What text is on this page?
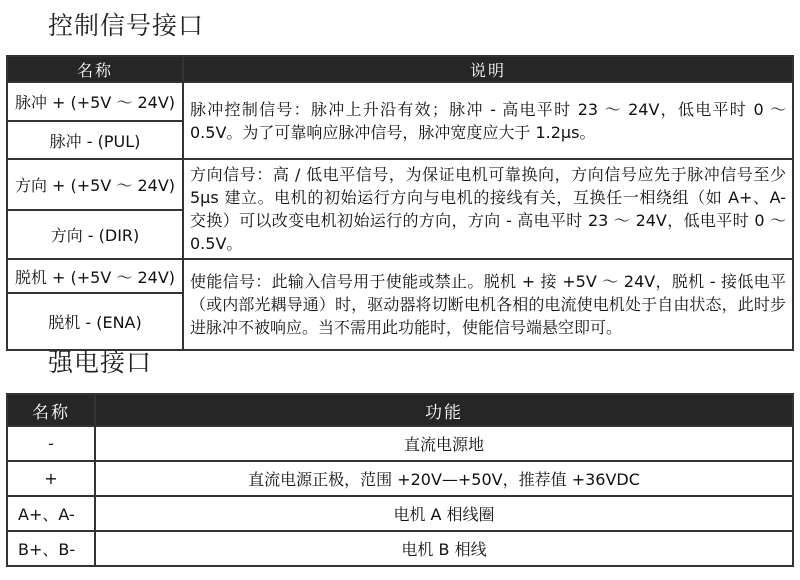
控制信号接口
名称	说明
脉冲 + (+5V ～ 24V)	脉冲控制信号：脉冲上升沿有效；脉冲 - 高电平时 23 ～ 24V，低电平时 0 ～ 0.5V。为了可靠响应脉冲信号，脉冲宽度应大于 1.2μs。
脉冲 - (PUL)	
方向 + (+5V ～ 24V)	方向信号：高 / 低电平信号，为保证电机可靠换向，方向信号应先于脉冲信号至少 5μs 建立。电机的初始运行方向与电机的接线有关，互换任一相绕组（如 A+、A- 交换）可以改变电机初始运行的方向，方向 - 高电平时 23 ～ 24V，低电平时 0 ～ 0.5V。
方向 - (DIR)	
脱机 + (+5V ～ 24V)	使能信号：此输入信号用于使能或禁止。脱机 + 接 +5V ～ 24V，脱机 - 接低电平（或内部光耦导通）时，驱动器将切断电机各相的电流使电机处于自由状态，此时步进脉冲不被响应。当不需用此功能时，使能信号端悬空即可。
脱机 - (ENA)	
强电接口
名称	功能
-	直流电源地
+	直流电源正极，范围 +20V—+50V，推荐值 +36VDC
A+、A-	电机 A 相线圈
B+、B-	电机 B 相线
